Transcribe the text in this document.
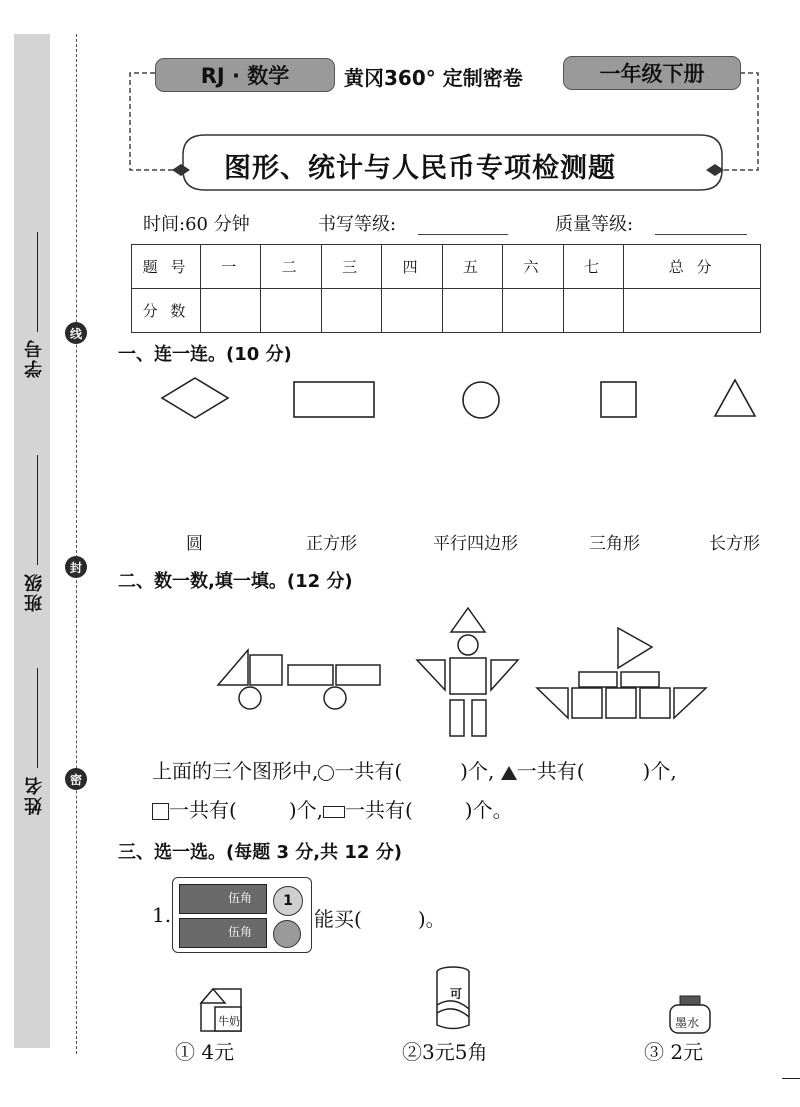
学号
班级
姓名
线
封
密
RJ · 数学	黄冈360° 定制密卷	一年级下册
图形、统计与人民币专项检测题
时间:60 分钟	书写等级:	质量等级:
题 号	一	二	三	四	五	六	七	总 分
分 数								
一、连一连。(10 分)
圆	正方形	平行四边形	三角形	长方形
二、数一数,填一填。(12 分)
上面的三个图形中, 一共有(	)个, 一共有(	)个,
一共有(	)个, 一共有(	)个。
三、选一选。(每题 3 分,共 12 分)
1.
伍角
伍角
1
能买(	)。
牛奶
可
墨水
① 4元	②3元5角	③ 2元
